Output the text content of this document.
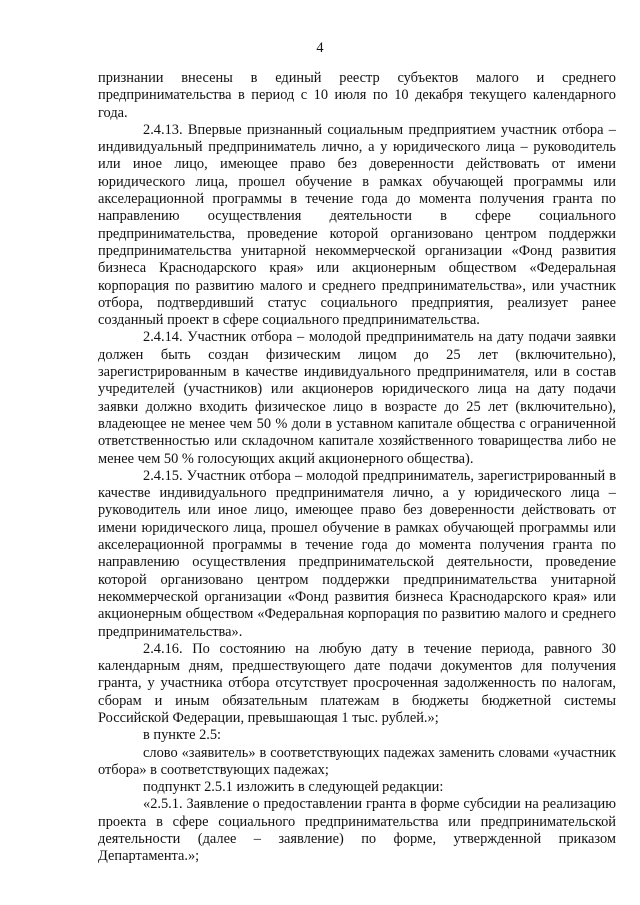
4

признании внесены в единый реестр субъектов малого и среднего предпринимательства в период с 10 июля по 10 декабря текущего календарного года.

2.4.13. Впервые признанный социальным предприятием участник отбора – индивидуальный предприниматель лично, а у юридического лица – руководитель или иное лицо, имеющее право без доверенности действовать от имени юридического лица, прошел обучение в рамках обучающей программы или акселерационной программы в течение года до момента получения гранта по направлению осуществления деятельности в сфере социального предпринимательства, проведение которой организовано центром поддержки предпринимательства унитарной некоммерческой организации «Фонд развития бизнеса Краснодарского края» или акционерным обществом «Федеральная корпорация по развитию малого и среднего предпринимательства», или участник отбора, подтвердивший статус социального предприятия, реализует ранее созданный проект в сфере социального предпринимательства.

2.4.14. Участник отбора – молодой предприниматель на дату подачи заявки должен быть создан физическим лицом до 25 лет (включительно), зарегистрированным в качестве индивидуального предпринимателя, или в состав учредителей (участников) или акционеров юридического лица на дату подачи заявки должно входить физическое лицо в возрасте до 25 лет (включительно), владеющее не менее чем 50 % доли в уставном капитале общества с ограниченной ответственностью или складочном капитале хозяйственного товарищества либо не менее чем 50 % голосующих акций акционерного общества).

2.4.15. Участник отбора – молодой предприниматель, зарегистрированный в качестве индивидуального предпринимателя лично, а у юридического лица – руководитель или иное лицо, имеющее право без доверенности действовать от имени юридического лица, прошел обучение в рамках обучающей программы или акселерационной программы в течение года до момента получения гранта по направлению осуществления предпринимательской деятельности, проведение которой организовано центром поддержки предпринимательства унитарной некоммерческой организации «Фонд развития бизнеса Краснодарского края» или акционерным обществом «Федеральная корпорация по развитию малого и среднего предпринимательства».

2.4.16. По состоянию на любую дату в течение периода, равного 30 календарным дням, предшествующего дате подачи документов для получения гранта, у участника отбора отсутствует просроченная задолженность по налогам, сборам и иным обязательным платежам в бюджеты бюджетной системы Российской Федерации, превышающая 1 тыс. рублей.»;

в пункте 2.5:

слово «заявитель» в соответствующих падежах заменить словами «участник отбора» в соответствующих падежах;

подпункт 2.5.1 изложить в следующей редакции:

«2.5.1. Заявление о предоставлении гранта в форме субсидии на реализацию проекта в сфере социального предпринимательства или предпринимательской деятельности (далее – заявление) по форме, утвержденной приказом Департамента.»;
